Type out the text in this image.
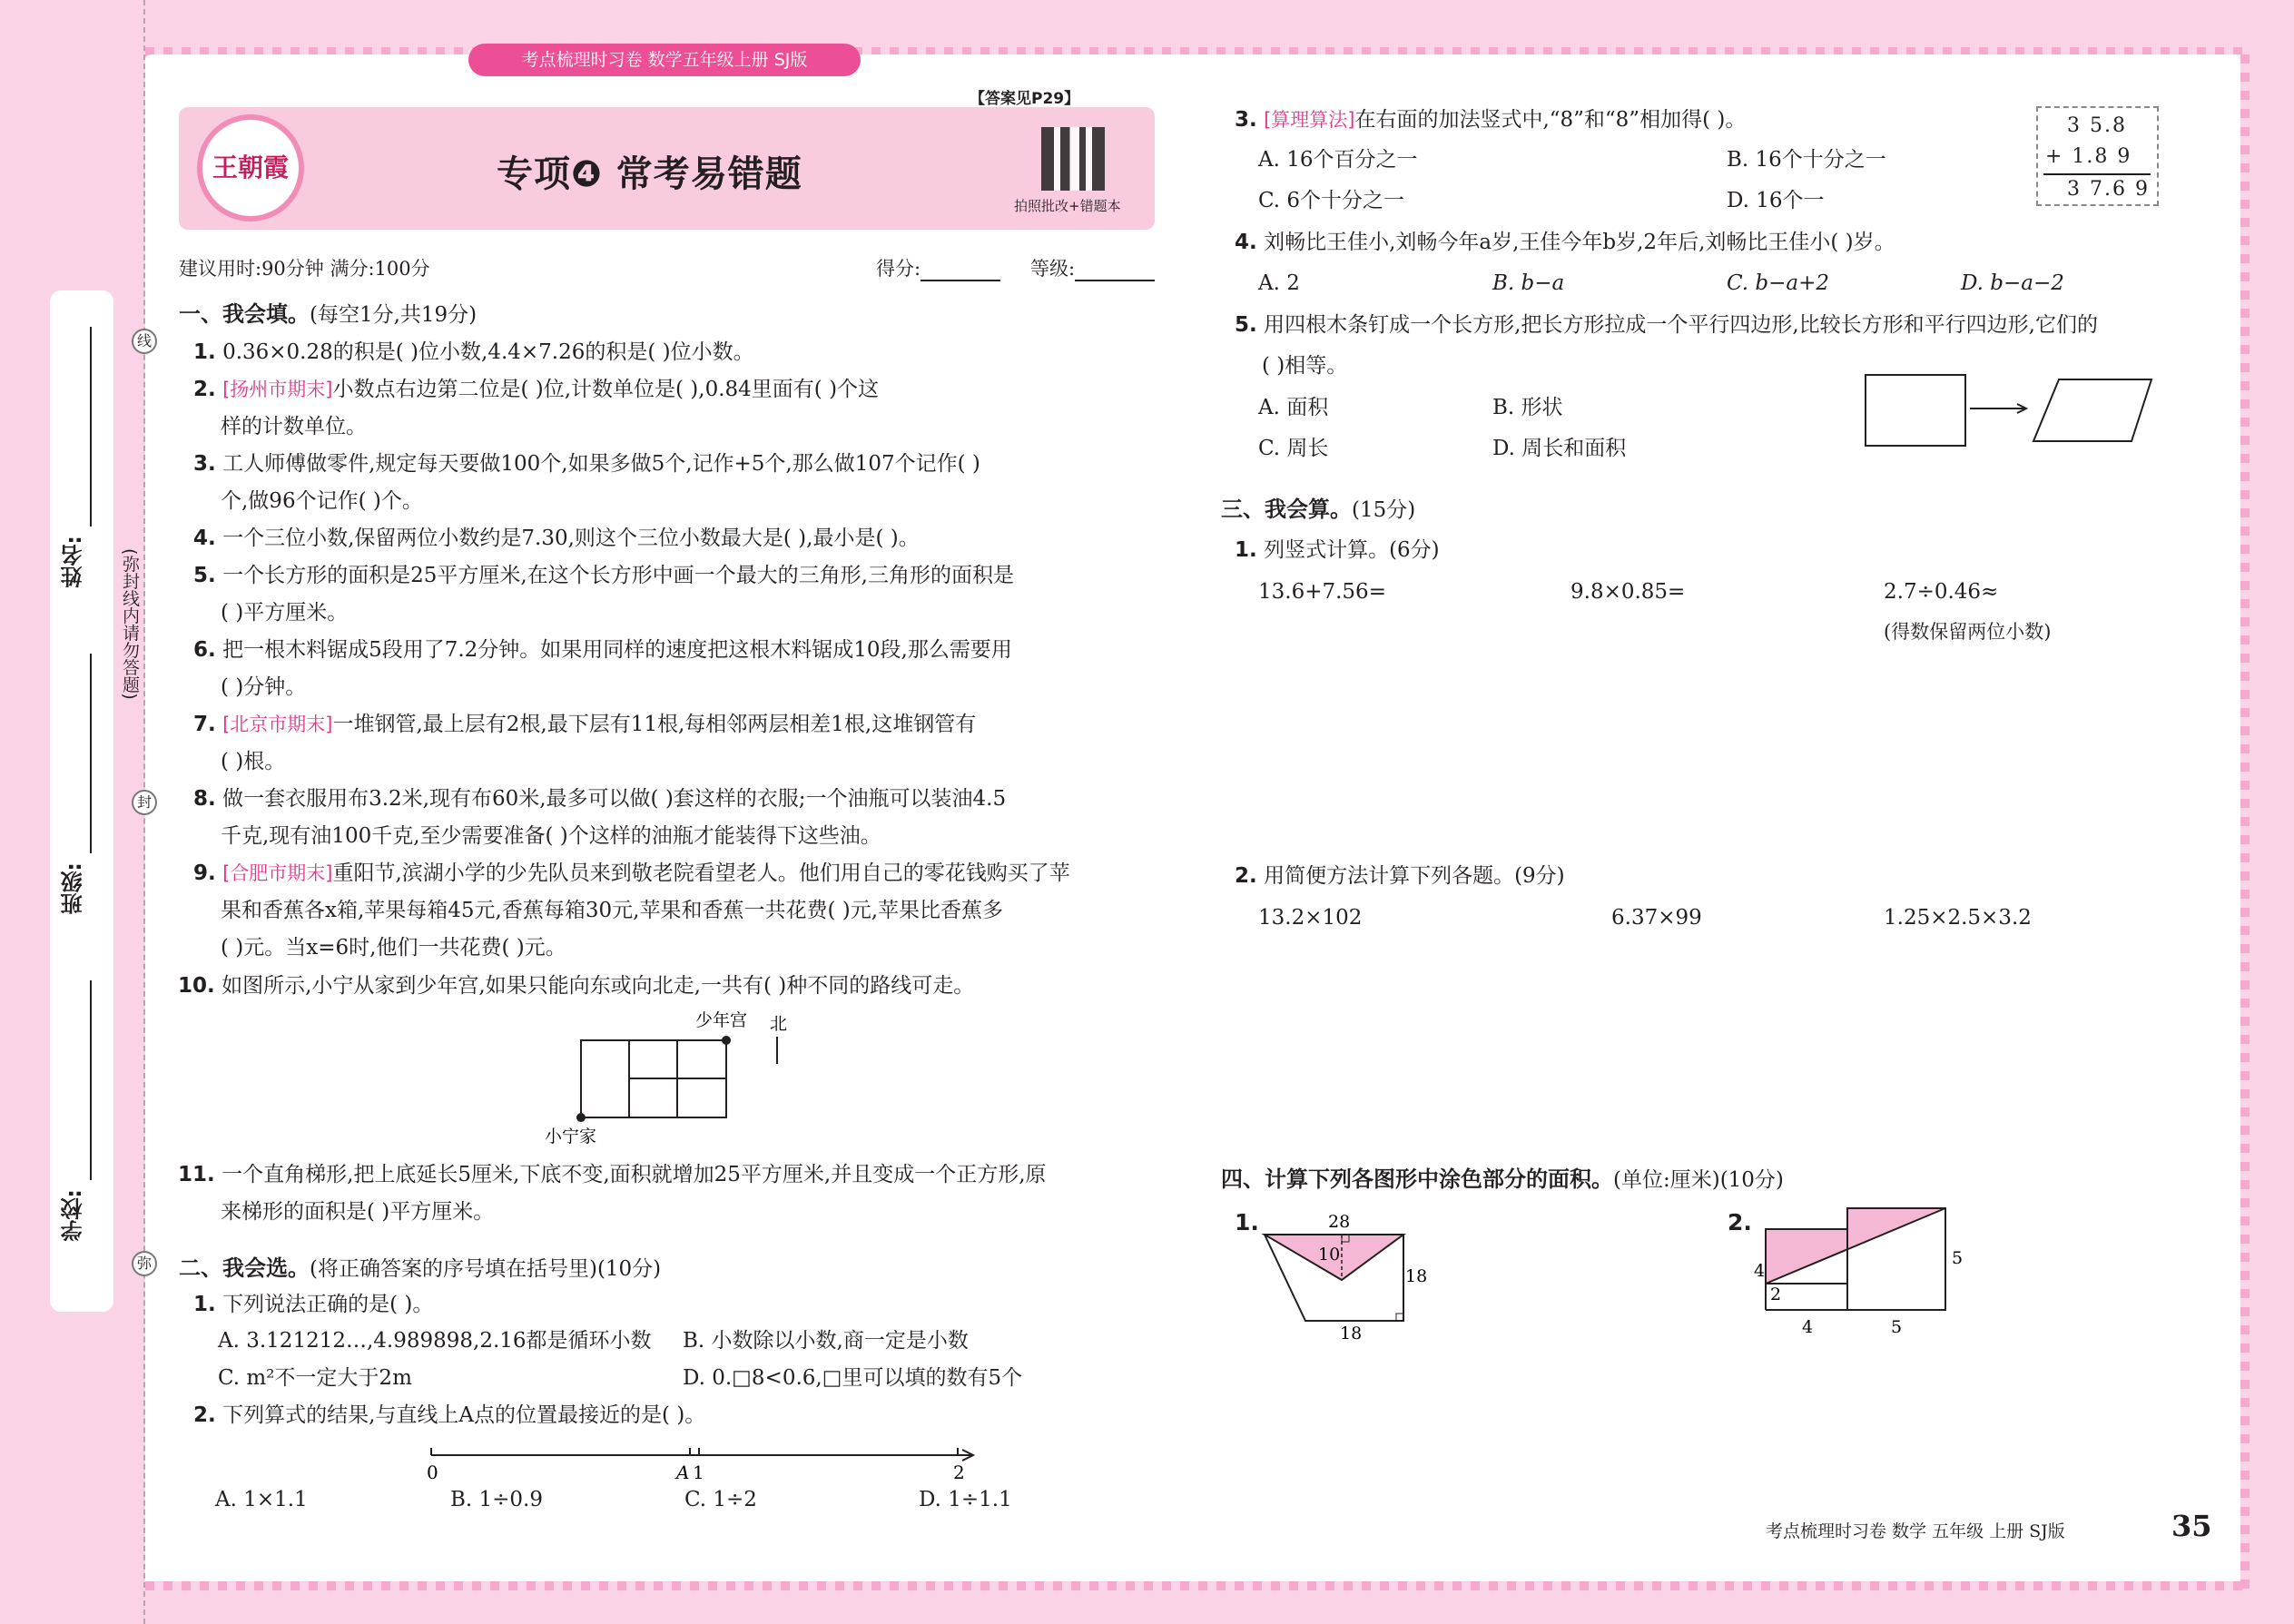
(弥封线内请勿答题)
线
封
弥
姓名:
班级:
学校:
考点梳理时习卷 数学五年级上册 SJ版
王朝霞	专项❹ 常考易错题
拍照批改+错题本
【答案见P29】
建议用时:90分钟 满分:100分	得分:	等级:
一、我会填。(每空1分,共19分)
1. 0.36×0.28的积是( )位小数,4.4×7.26的积是( )位小数。
2. [扬州市期末]小数点右边第二位是( )位,计数单位是( ),0.84里面有( )个这
样的计数单位。
3. 工人师傅做零件,规定每天要做100个,如果多做5个,记作+5个,那么做107个记作( )
个,做96个记作( )个。
4. 一个三位小数,保留两位小数约是7.30,则这个三位小数最大是( ),最小是( )。
5. 一个长方形的面积是25平方厘米,在这个长方形中画一个最大的三角形,三角形的面积是
( )平方厘米。
6. 把一根木料锯成5段用了7.2分钟。如果用同样的速度把这根木料锯成10段,那么需要用
( )分钟。
7. [北京市期末]一堆钢管,最上层有2根,最下层有11根,每相邻两层相差1根,这堆钢管有
( )根。
8. 做一套衣服用布3.2米,现有布60米,最多可以做( )套这样的衣服;一个油瓶可以装油4.5
千克,现有油100千克,至少需要准备( )个这样的油瓶才能装得下这些油。
9. [合肥市期末]重阳节,滨湖小学的少先队员来到敬老院看望老人。他们用自己的零花钱购买了苹
果和香蕉各x箱,苹果每箱45元,香蕉每箱30元,苹果和香蕉一共花费( )元,苹果比香蕉多
( )元。当x=6时,他们一共花费( )元。
10. 如图所示,小宁从家到少年宫,如果只能向东或向北走,一共有( )种不同的路线可走。
少年宫 北
小宁家
11. 一个直角梯形,把上底延长5厘米,下底不变,面积就增加25平方厘米,并且变成一个正方形,原
来梯形的面积是( )平方厘米。
二、我会选。(将正确答案的序号填在括号里)(10分)
1. 下列说法正确的是( )。
A. 3.121212…,4.989898,2.16都是循环小数 B. 小数除以小数,商一定是小数
C. m²不一定大于2m	D. 0.□8<0.6,□里可以填的数有5个
2. 下列算式的结果,与直线上A点的位置最接近的是( )。
0	A 1	2
A. 1×1.1	B. 1÷0.9	C. 1÷2	D. 1÷1.1
3. [算理算法]在右面的加法竖式中,“8”和“8”相加得( )。
A. 16个百分之一	B. 16个十分之一
C. 6个十分之一	D. 16个一
3 5.8
+ 1.8 9
3 7.6 9
4. 刘畅比王佳小,刘畅今年a岁,王佳今年b岁,2年后,刘畅比王佳小( )岁。
A. 2	B. b−a	C. b−a+2	D. b−a−2
5. 用四根木条钉成一个长方形,把长方形拉成一个平行四边形,比较长方形和平行四边形,它们的
( )相等。
A. 面积	B. 形状
C. 周长	D. 周长和面积
三、我会算。(15分)
1. 列竖式计算。(6分)
13.6+7.56=	9.8×0.85=	2.7÷0.46≈
(得数保留两位小数)
2. 用简便方法计算下列各题。(9分)
13.2×102	6.37×99	1.25×2.5×3.2
四、计算下列各图形中涂色部分的面积。(单位:厘米)(10分)
1.	2.
28
10
18
18
4
2
5
4	5
考点梳理时习卷 数学 五年级 上册 SJ版	35
